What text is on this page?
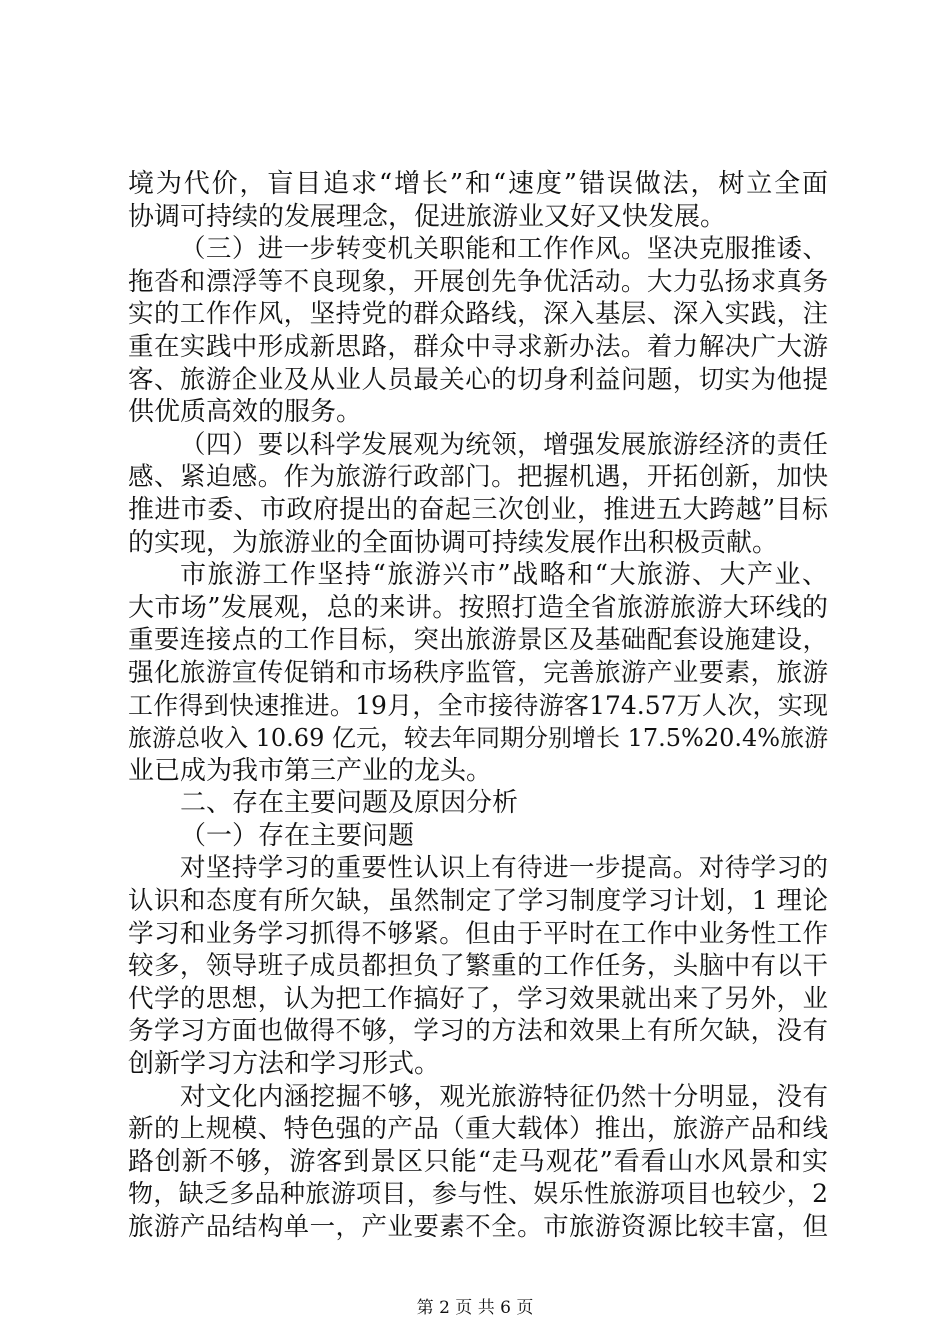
境为代价，盲目追求“增长”和“速度”错误做法，树立全面
协调可持续的发展理念，促进旅游业又好又快发展。
（三）进一步转变机关职能和工作作风。坚决克服推诿、
拖沓和漂浮等不良现象，开展创先争优活动。大力弘扬求真务
实的工作作风，坚持党的群众路线，深入基层、深入实践，注
重在实践中形成新思路，群众中寻求新办法。着力解决广大游
客、旅游企业及从业人员最关心的切身利益问题，切实为他提
供优质高效的服务。
（四）要以科学发展观为统领，增强发展旅游经济的责任
感、紧迫感。作为旅游行政部门。把握机遇，开拓创新，加快
推进市委、市政府提出的奋起三次创业，推进五大跨越”目标
的实现，为旅游业的全面协调可持续发展作出积极贡献。
市旅游工作坚持“旅游兴市”战略和“大旅游、大产业、
大市场”发展观，总的来讲。按照打造全省旅游旅游大环线的
重要连接点的工作目标，突出旅游景区及基础配套设施建设，
强化旅游宣传促销和市场秩序监管，完善旅游产业要素，旅游
工作得到快速推进。19月，全市接待游客174.57万人次，实现
旅游总收入 10.69 亿元，较去年同期分别增长 17.5%20.4%旅游
业已成为我市第三产业的龙头。
二、存在主要问题及原因分析
（一）存在主要问题
对坚持学习的重要性认识上有待进一步提高。对待学习的
认识和态度有所欠缺，虽然制定了学习制度学习计划，1 理论
学习和业务学习抓得不够紧。但由于平时在工作中业务性工作
较多，领导班子成员都担负了繁重的工作任务，头脑中有以干
代学的思想，认为把工作搞好了，学习效果就出来了另外，业
务学习方面也做得不够，学习的方法和效果上有所欠缺，没有
创新学习方法和学习形式。
对文化内涵挖掘不够，观光旅游特征仍然十分明显，没有
新的上规模、特色强的产品（重大载体）推出，旅游产品和线
路创新不够，游客到景区只能“走马观花”看看山水风景和实
物，缺乏多品种旅游项目，参与性、娱乐性旅游项目也较少，2
旅游产品结构单一，产业要素不全。市旅游资源比较丰富，但
第 2 页 共 6 页
